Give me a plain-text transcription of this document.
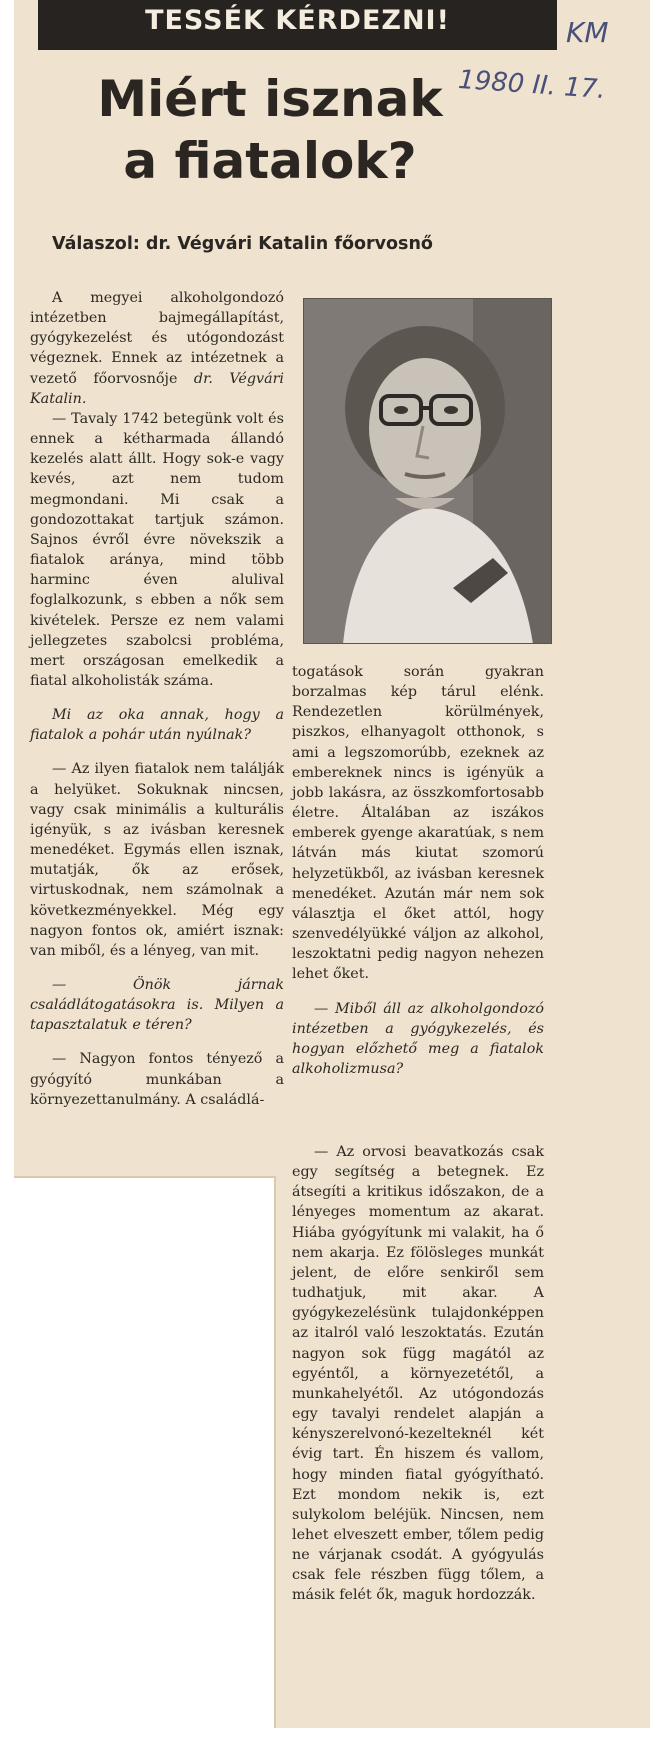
TESSÉK KÉRDEZNI!
Miért isznak
a fiatalok?
KM
1980 II. 17.
Válaszol: dr. Végvári Katalin főorvosnő

A megyei alkoholgondozó intézetben bajmegállapítást, gyógykezelést és utógondozást végeznek. Ennek az intézetnek a vezető főorvosnője dr. Végvári Katalin.

— Tavaly 1742 betegünk volt és ennek a kétharmada állandó kezelés alatt állt. Hogy sok-e vagy kevés, azt nem tudom megmondani. Mi csak a gondozottakat tartjuk számon. Sajnos évről évre növekszik a fiatalok aránya, mind több harminc éven alulival foglalkozunk, s ebben a nők sem kivételek. Persze ez nem valami jellegzetes szabolcsi probléma, mert országosan emelkedik a fiatal alkoholisták száma.

Mi az oka annak, hogy a fiatalok a pohár után nyúlnak?

— Az ilyen fiatalok nem találják a helyüket. Sokuknak nincsen, vagy csak minimális a kulturális igényük, s az ivásban keresnek menedéket. Egymás ellen isznak, mutatják, ők az erősek, virtuskodnak, nem számolnak a következményekkel. Még egy nagyon fontos ok, amiért isznak: van miből, és a lényeg, van mit.

— Önök járnak családlátogatásokra is. Milyen a tapasztalatuk e téren?

— Nagyon fontos tényező a gyógyító munkában a környezettanulmány. A családlá-

togatások során gyakran borzalmas kép tárul elénk. Rendezetlen körülmények, piszkos, elhanyagolt otthonok, s ami a legszomorúbb, ezeknek az embereknek nincs is igényük a jobb lakásra, az összkomfortosabb életre. Általában az iszákos emberek gyenge akaratúak, s nem látván más kiutat szomorú helyzetükből, az ivásban keresnek menedéket. Azután már nem sok választja el őket attól, hogy szenvedélyükké váljon az alkohol, leszoktatni pedig nagyon nehezen lehet őket.

— Miből áll az alkoholgondozó intézetben a gyógykezelés, és hogyan előzhető meg a fiatalok alkoholizmusa?

— Az orvosi beavatkozás csak egy segítség a betegnek. Ez átsegíti a kritikus időszakon, de a lényeges momentum az akarat. Hiába gyógyítunk mi valakit, ha ő nem akarja. Ez fölösleges munkát jelent, de előre senkiről sem tudhatjuk, mit akar. A gyógykezelésünk tulajdonképpen az italról való leszoktatás. Ezután nagyon sok függ magától az egyéntől, a környezetétől, a munkahelyétől. Az utógondozás egy tavalyi rendelet alapján a kényszerelvonó-kezelteknél két évig tart. Én hiszem és vallom, hogy minden fiatal gyógyítható. Ezt mondom nekik is, ezt sulykolom beléjük. Nincsen, nem lehet elveszett ember, tőlem pedig ne várjanak csodát. A gyógyulás csak fele részben függ tőlem, a másik felét ők, maguk hordozzák.
